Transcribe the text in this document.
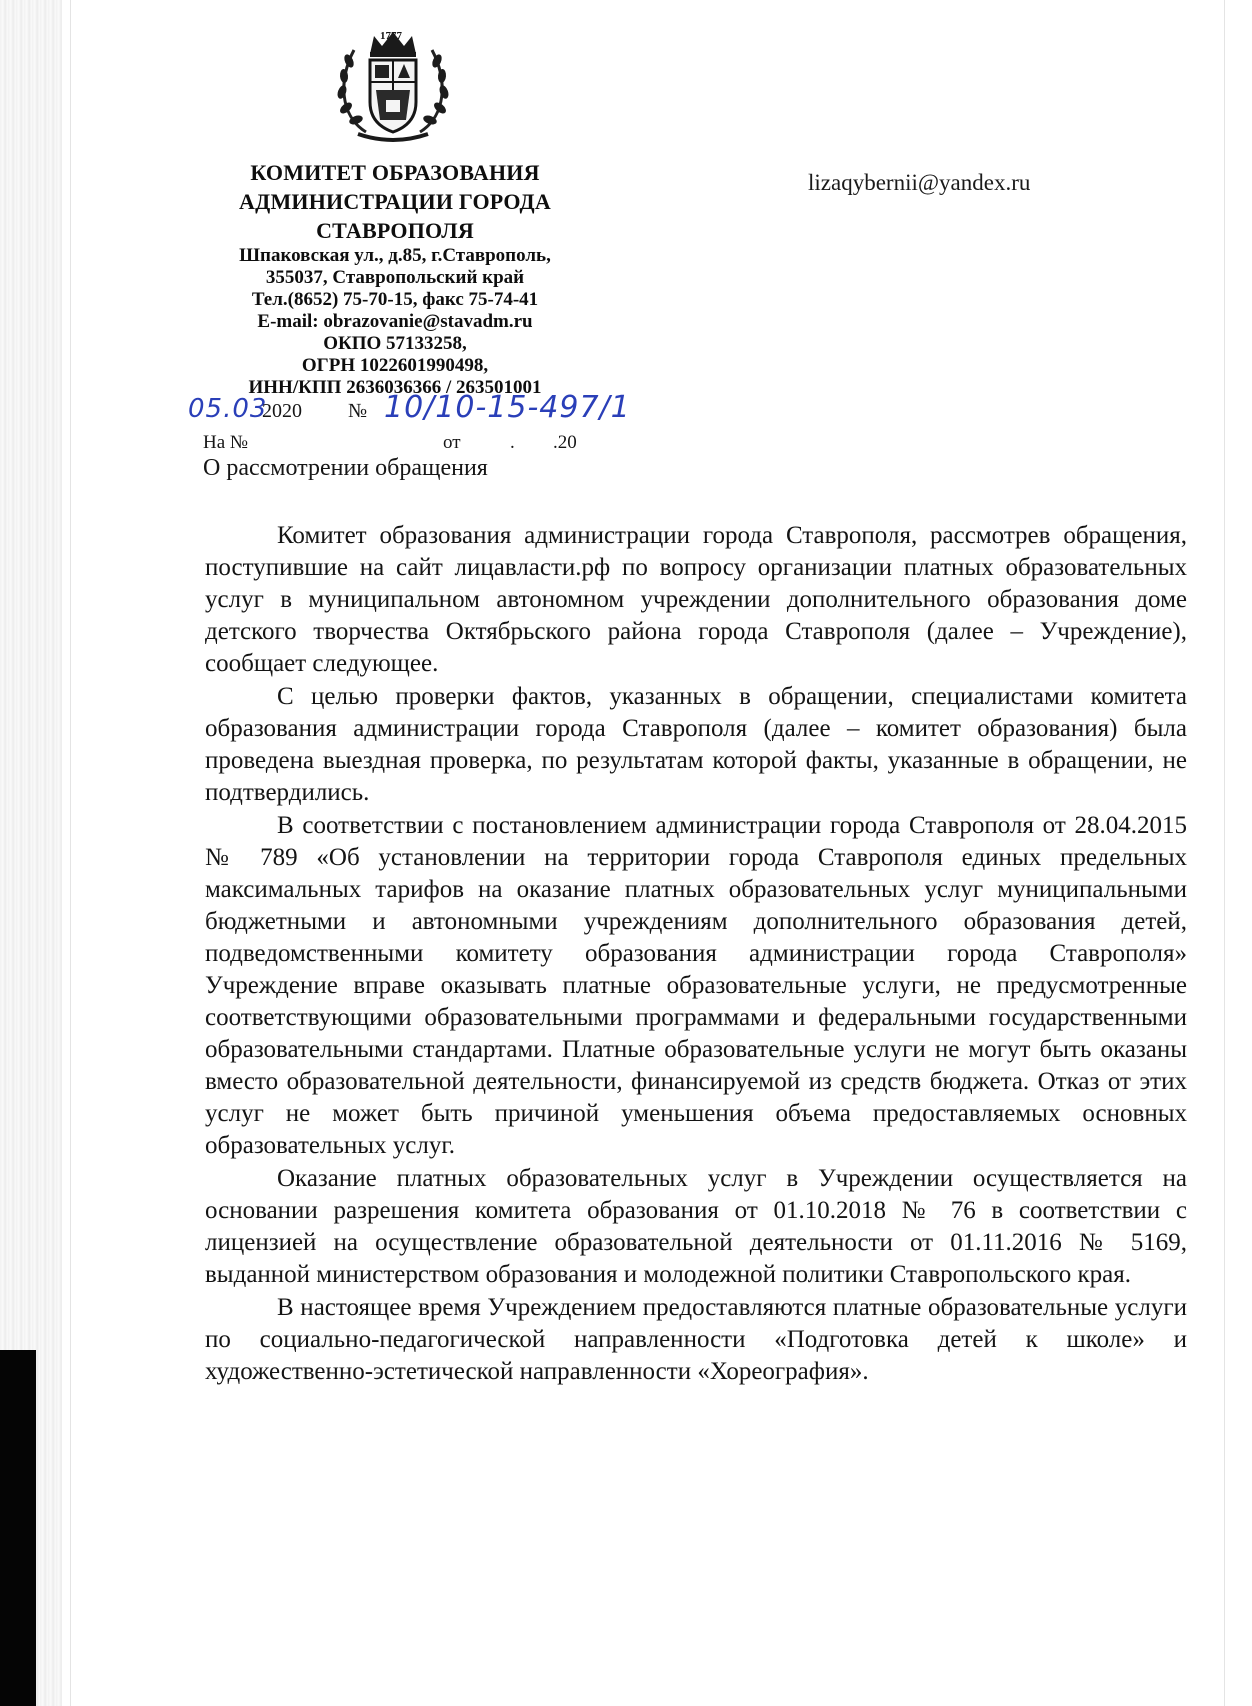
1777
КОМИТЕТ ОБРАЗОВАНИЯ
АДМИНИСТРАЦИИ ГОРОДА
СТАВРОПОЛЯ
Шпаковская ул., д.85, г.Ставрополь,
355037, Ставропольский край
Тел.(8652) 75-70-15, факс 75-74-41
E-mail: obrazovanie@stavadm.ru
ОКПО 57133258,
ОГРН 1022601990498,
ИНН/КПП 2636036366 / 263501001
lizaqybernii@yandex.ru
05.03
2020 № 10/10-15-497/1
На №	от	. .20
О рассмотрении обращения

Комитет образования администрации города Ставрополя, рассмотрев обращения, поступившие на сайт лицавласти.рф по вопросу организации платных образовательных услуг в муниципальном автономном учреждении дополнительного образования доме детского творчества Октябрьского района города Ставрополя (далее – Учреждение), сообщает следующее.

С целью проверки фактов, указанных в обращении, специалистами комитета образования администрации города Ставрополя (далее – комитет образования) была проведена выездная проверка, по результатам которой факты, указанные в обращении, не подтвердились.

В соответствии с постановлением администрации города Ставрополя от 28.04.2015 № 789 «Об установлении на территории города Ставрополя единых предельных максимальных тарифов на оказание платных образовательных услуг муниципальными бюджетными и автономными учреждениям дополнительного образования детей, подведомственными комитету образования администрации города Ставрополя» Учреждение вправе оказывать платные образовательные услуги, не предусмотренные соответствующими образовательными программами и федеральными государственными образовательными стандартами. Платные образовательные услуги не могут быть оказаны вместо образовательной деятельности, финансируемой из средств бюджета. Отказ от этих услуг не может быть причиной уменьшения объема предоставляемых основных образовательных услуг.

Оказание платных образовательных услуг в Учреждении осуществляется на основании разрешения комитета образования от 01.10.2018 № 76 в соответствии с лицензией на осуществление образовательной деятельности от 01.11.2016 № 5169, выданной министерством образования и молодежной политики Ставропольского края.

В настоящее время Учреждением предоставляются платные образовательные услуги по социально-педагогической направленности «Подготовка детей к школе» и художественно-эстетической направленности «Хореография».
